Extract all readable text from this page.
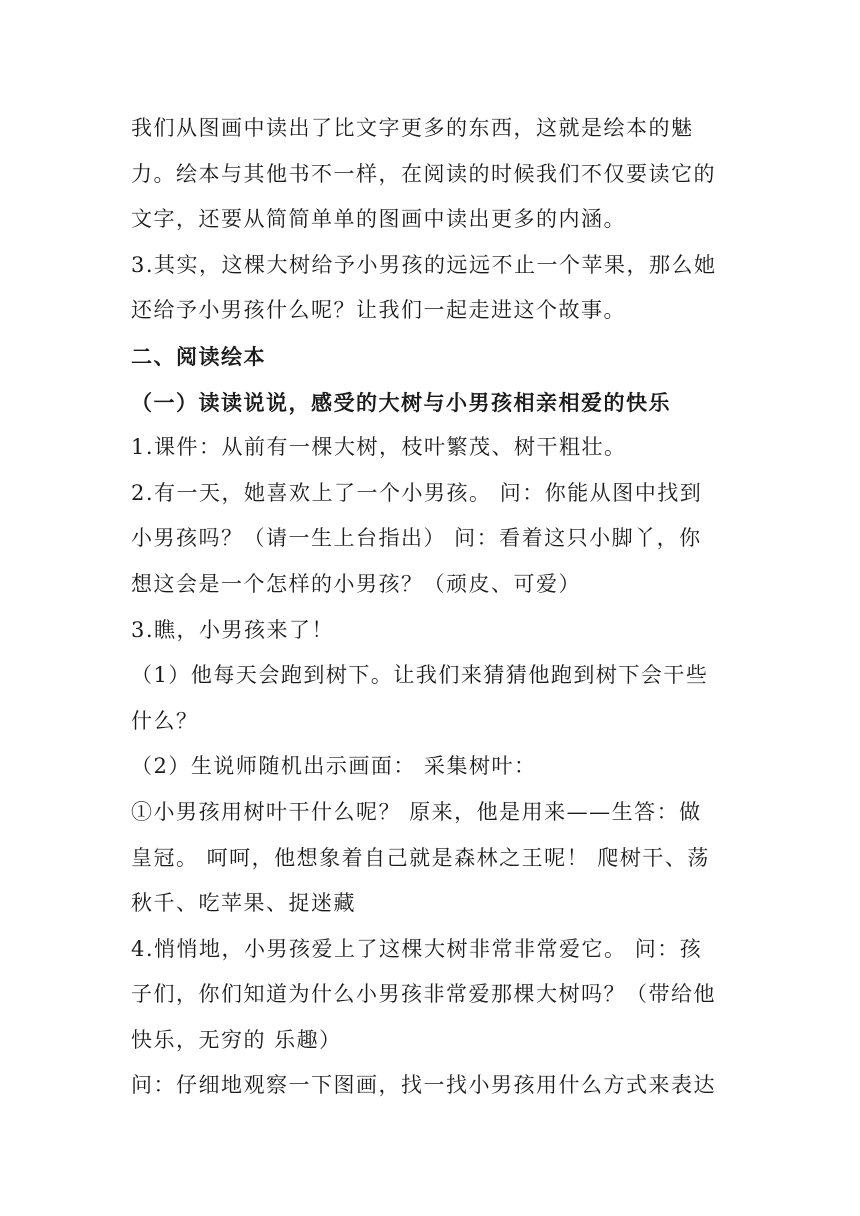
我们从图画中读出了比文字更多的东西，这就是绘本的魅
力。绘本与其他书不一样，在阅读的时候我们不仅要读它的
文字，还要从简简单单的图画中读出更多的内涵。
3.其实，这棵大树给予小男孩的远远不止一个苹果，那么她
还给予小男孩什么呢？让我们一起走进这个故事。
二、阅读绘本
（一）读读说说，感受的大树与小男孩相亲相爱的快乐
1.课件：从前有一棵大树，枝叶繁茂、树干粗壮。
2.有一天，她喜欢上了一个小男孩。 问：你能从图中找到
小男孩吗？（请一生上台指出） 问：看着这只小脚丫，你
想这会是一个怎样的小男孩？（顽皮、可爱）
3.瞧，小男孩来了！
（1）他每天会跑到树下。让我们来猜猜他跑到树下会干些
什么？
（2）生说师随机出示画面： 采集树叶：
①小男孩用树叶干什么呢？ 原来，他是用来——生答：做
皇冠。 呵呵，他想象着自己就是森林之王呢！ 爬树干、荡
秋千、吃苹果、捉迷藏
4.悄悄地，小男孩爱上了这棵大树非常非常爱它。 问：孩
子们，你们知道为什么小男孩非常爱那棵大树吗？（带给他
快乐，无穷的 乐趣）
问：仔细地观察一下图画，找一找小男孩用什么方式来表达
